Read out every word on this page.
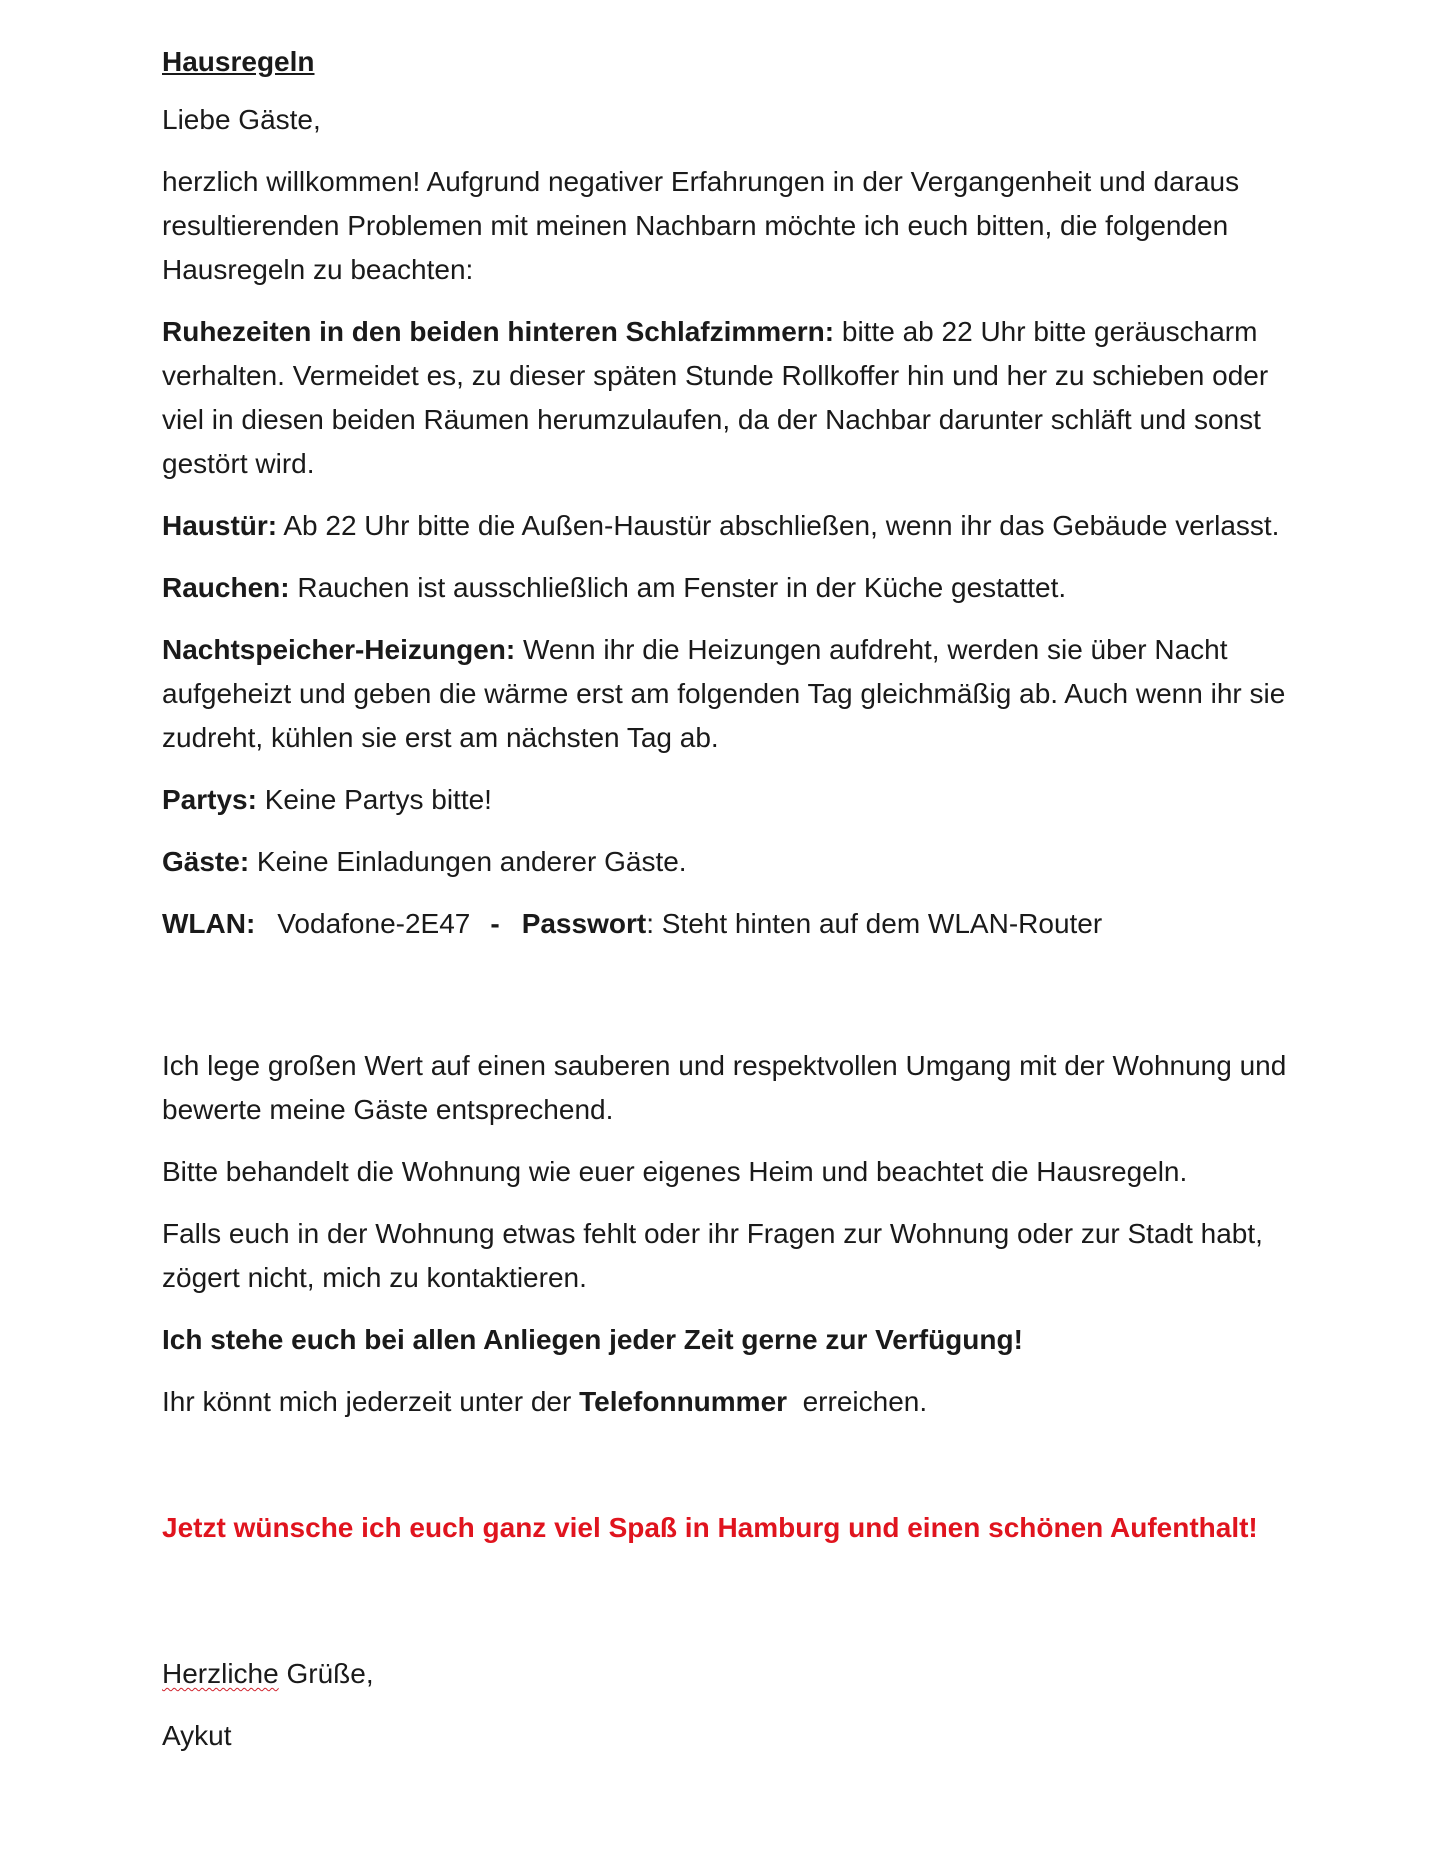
Hausregeln

Liebe Gäste,

herzlich willkommen! Aufgrund negativer Erfahrungen in der Vergangenheit und daraus resultierenden Problemen mit meinen Nachbarn möchte ich euch bitten, die folgenden Hausregeln zu beachten:

Ruhezeiten in den beiden hinteren Schlafzimmern: bitte ab 22 Uhr bitte geräuscharm verhalten. Vermeidet es, zu dieser späten Stunde Rollkoffer hin und her zu schieben oder viel in diesen beiden Räumen herumzulaufen, da der Nachbar darunter schläft und sonst gestört wird.

Haustür: Ab 22 Uhr bitte die Außen-Haustür abschließen, wenn ihr das Gebäude verlasst.

Rauchen: Rauchen ist ausschließlich am Fenster in der Küche gestattet.

Nachtspeicher-Heizungen: Wenn ihr die Heizungen aufdreht, werden sie über Nacht aufgeheizt und geben die wärme erst am folgenden Tag gleichmäßig ab. Auch wenn ihr sie zudreht, kühlen sie erst am nächsten Tag ab.

Partys: Keine Partys bitte!

Gäste: Keine Einladungen anderer Gäste.

WLAN: Vodafone-2E47 - Passwort: Steht hinten auf dem WLAN-Router

Ich lege großen Wert auf einen sauberen und respektvollen Umgang mit der Wohnung und bewerte meine Gäste entsprechend.

Bitte behandelt die Wohnung wie euer eigenes Heim und beachtet die Hausregeln.

Falls euch in der Wohnung etwas fehlt oder ihr Fragen zur Wohnung oder zur Stadt habt, zögert nicht, mich zu kontaktieren.

Ich stehe euch bei allen Anliegen jeder Zeit gerne zur Verfügung!

Ihr könnt mich jederzeit unter der Telefonnummer  erreichen.

Jetzt wünsche ich euch ganz viel Spaß in Hamburg und einen schönen Aufenthalt!

Herzliche Grüße,

Aykut
